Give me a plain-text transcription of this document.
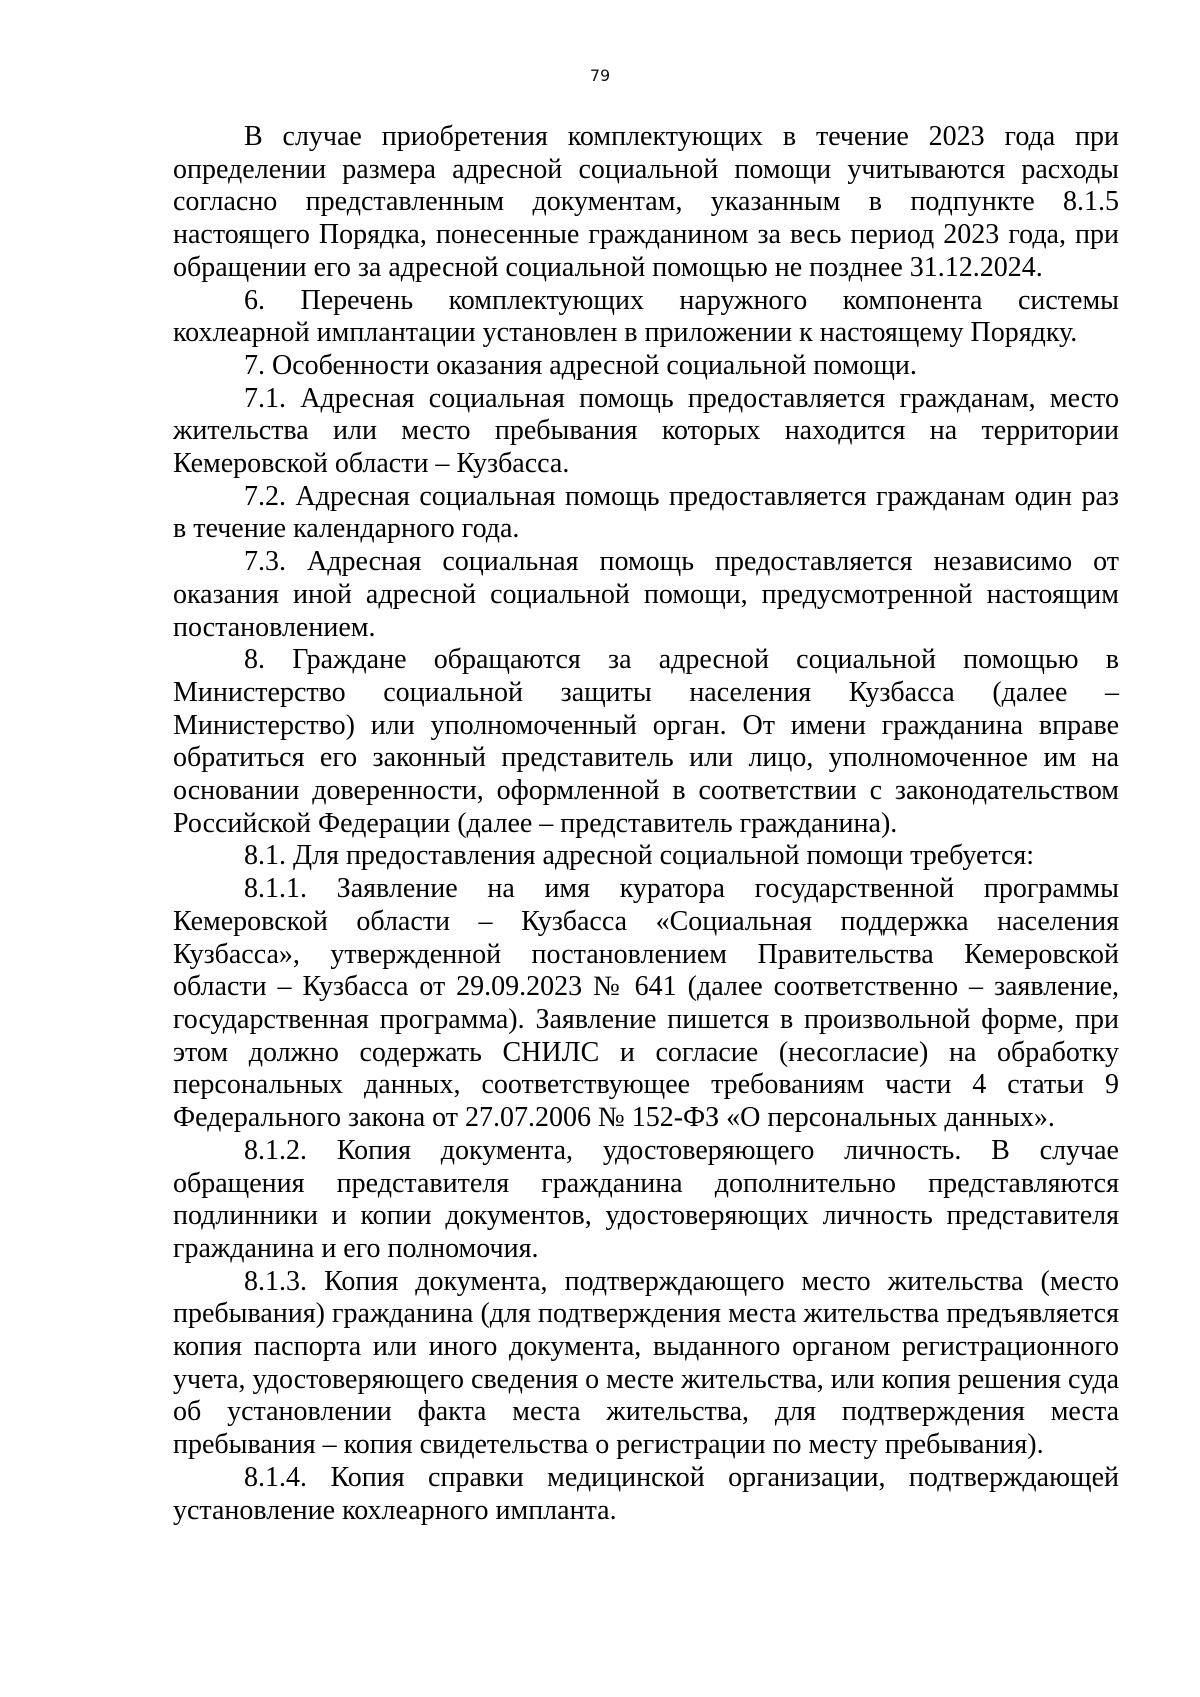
79

В случае приобретения комплектующих в течение 2023 года при определении размера адресной социальной помощи учитываются расходы согласно представленным документам, указанным в подпункте 8.1.5 настоящего Порядка, понесенные гражданином за весь период 2023 года, при обращении его за адресной социальной помощью не позднее 31.12.2024.

6. Перечень комплектующих наружного компонента системы кохлеарной имплантации установлен в приложении к настоящему Порядку.

7. Особенности оказания адресной социальной помощи.

7.1. Адресная социальная помощь предоставляется гражданам, место жительства или место пребывания которых находится на территории Кемеровской области – Кузбасса.

7.2. Адресная социальная помощь предоставляется гражданам один раз в течение календарного года.

7.3. Адресная социальная помощь предоставляется независимо от оказания иной адресной социальной помощи, предусмотренной настоящим постановлением.

8. Граждане обращаются за адресной социальной помощью в Министерство социальной защиты населения Кузбасса (далее – Министерство) или уполномоченный орган. От имени гражданина вправе обратиться его законный представитель или лицо, уполномоченное им на основании доверенности, оформленной в соответствии с законодательством Российской Федерации (далее – представитель гражданина).

8.1. Для предоставления адресной социальной помощи требуется:

8.1.1. Заявление на имя куратора государственной программы Кемеровской области – Кузбасса «Социальная поддержка населения Кузбасса», утвержденной постановлением Правительства Кемеровской области – Кузбасса от 29.09.2023 № 641 (далее соответственно – заявление, государственная программа). Заявление пишется в произвольной форме, при этом должно содержать СНИЛС и согласие (несогласие) на обработку персональных данных, соответствующее требованиям части 4 статьи 9 Федерального закона от 27.07.2006 № 152-ФЗ «О персональных данных».

8.1.2. Копия документа, удостоверяющего личность. В случае обращения представителя гражданина дополнительно представляются подлинники и копии документов, удостоверяющих личность представителя гражданина и его полномочия.

8.1.3. Копия документа, подтверждающего место жительства (место пребывания) гражданина (для подтверждения места жительства предъявляется копия паспорта или иного документа, выданного органом регистрационного учета, удостоверяющего сведения о месте жительства, или копия решения суда об установлении факта места жительства, для подтверждения места пребывания – копия свидетельства о регистрации по месту пребывания).

8.1.4. Копия справки медицинской организации, подтверждающей установление кохлеарного импланта.
